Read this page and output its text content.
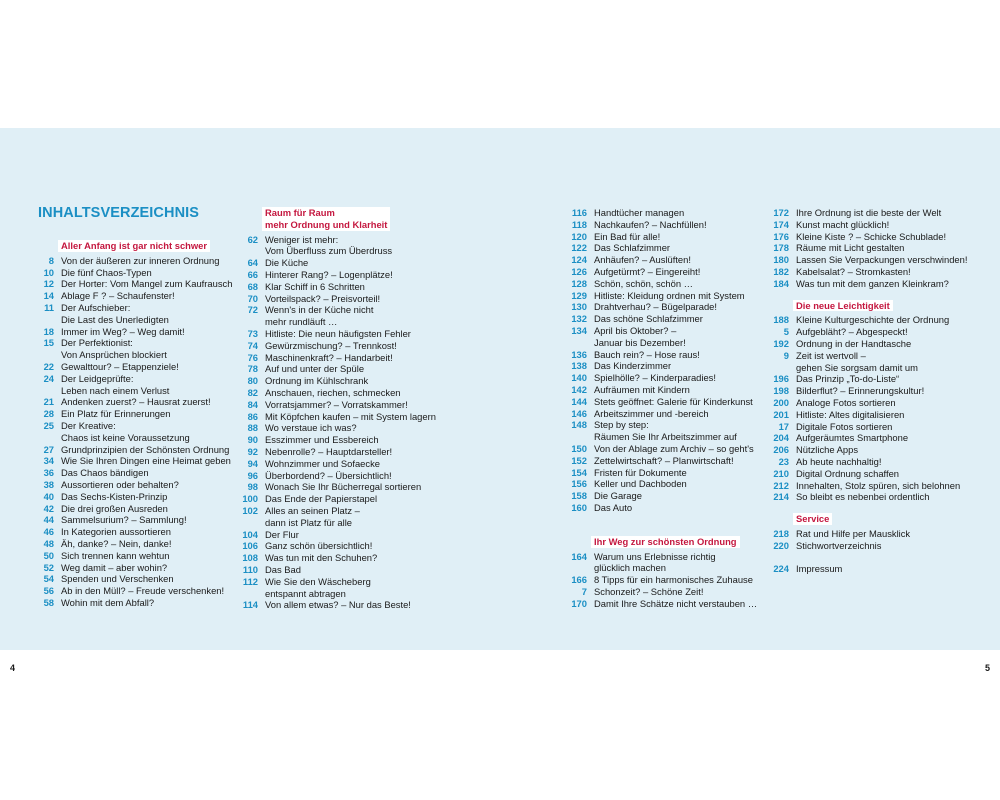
INHALTSVERZEICHNIS
Aller Anfang ist gar nicht schwer
8 Von der äußeren zur inneren Ordnung
10 Die fünf Chaos-Typen
12 Der Horter: Vom Mangel zum Kaufrausch
14 Ablage F ? – Schaufenster!
11 Der Aufschieber:
Die Last des Unerledigten
18 Immer im Weg? – Weg damit!
15 Der Perfektionist:
Von Ansprüchen blockiert
22 Gewalttour? – Etappenziele!
24 Der Leidgeprüfte:
Leben nach einem Verlust
21 Andenken zuerst? – Hausrat zuerst!
28 Ein Platz für Erinnerungen
25 Der Kreative:
Chaos ist keine Voraussetzung
27 Grundprinzipien der Schönsten Ordnung
34 Wie Sie Ihren Dingen eine Heimat geben
36 Das Chaos bändigen
38 Aussortieren oder behalten?
40 Das Sechs-Kisten-Prinzip
42 Die drei großen Ausreden
44 Sammelsurium? – Sammlung!
46 In Kategorien aussortieren
48 Äh, danke? – Nein, danke!
50 Sich trennen kann wehtun
52 Weg damit – aber wohin?
54 Spenden und Verschenken
56 Ab in den Müll? – Freude verschenken!
58 Wohin mit dem Abfall?
Raum für Raum
mehr Ordnung und Klarheit
62 Weniger ist mehr:
Vom Überfluss zum Überdruss
64 Die Küche
66 Hinterer Rang? – Logenplätze!
68 Klar Schiff in 6 Schritten
70 Vorteilspack? – Preisvorteil!
72 Wenn's in der Küche nicht
mehr rundläuft …
73 Hitliste: Die neun häufigsten Fehler
74 Gewürzmischung? – Trennkost!
76 Maschinenkraft? – Handarbeit!
78 Auf und unter der Spüle
80 Ordnung im Kühlschrank
82 Anschauen, riechen, schmecken
84 Vorratsjammer? – Vorratskammer!
86 Mit Köpfchen kaufen – mit System lagern
88 Wo verstaue ich was?
90 Esszimmer und Essbereich
92 Nebenrolle? – Hauptdarsteller!
94 Wohnzimmer und Sofaecke
96 Überbordend? – Übersichtlich!
98 Wonach Sie Ihr Bücherregal sortieren
100 Das Ende der Papierstapel
102 Alles an seinen Platz –
dann ist Platz für alle
104 Der Flur
106 Ganz schön übersichtlich!
108 Was tun mit den Schuhen?
110 Das Bad
112 Wie Sie den Wäscheberg
entspannt abtragen
114 Von allem etwas? – Nur das Beste!
116 Handtücher managen
118 Nachkaufen? – Nachfüllen!
120 Ein Bad für alle!
122 Das Schlafzimmer
124 Anhäufen? – Auslüften!
126 Aufgetürmt? – Eingereiht!
128 Schön, schön, schön …
129 Hitliste: Kleidung ordnen mit System
130 Drahtverhau? – Bügelparade!
132 Das schöne Schlafzimmer
134 April bis Oktober? –
Januar bis Dezember!
136 Bauch rein? – Hose raus!
138 Das Kinderzimmer
140 Spielhölle? – Kinderparadies!
142 Aufräumen mit Kindern
144 Stets geöffnet: Galerie für Kinderkunst
146 Arbeitszimmer und -bereich
148 Step by step:
Räumen Sie Ihr Arbeitszimmer auf
150 Von der Ablage zum Archiv – so geht's
152 Zettelwirtschaft? – Planwirtschaft!
154 Fristen für Dokumente
156 Keller und Dachboden
158 Die Garage
160 Das Auto
Ihr Weg zur schönsten Ordnung
164 Warum uns Erlebnisse richtig
glücklich machen
166 8 Tipps für ein harmonisches Zuhause
7 Schonzeit? – Schöne Zeit!
170 Damit Ihre Schätze nicht verstauben …
172 Ihre Ordnung ist die beste der Welt
174 Kunst macht glücklich!
176 Kleine Kiste ? – Schicke Schublade!
178 Räume mit Licht gestalten
180 Lassen Sie Verpackungen verschwinden!
182 Kabelsalat? – Stromkasten!
184 Was tun mit dem ganzen Kleinkram?
Die neue Leichtigkeit
188 Kleine Kulturgeschichte der Ordnung
5 Aufgebläht? – Abgespeckt!
192 Ordnung in der Handtasche
9 Zeit ist wertvoll –
gehen Sie sorgsam damit um
196 Das Prinzip „To-do-Liste“
198 Bilderflut? – Erinnerungskultur!
200 Analoge Fotos sortieren
201 Hitliste: Altes digitalisieren
17 Digitale Fotos sortieren
204 Aufgeräumtes Smartphone
206 Nützliche Apps
23 Ab heute nachhaltig!
210 Digital Ordnung schaffen
212 Innehalten, Stolz spüren, sich belohnen
214 So bleibt es nebenbei ordentlich
Service
218 Rat und Hilfe per Mausklick
220 Stichwortverzeichnis
224 Impressum
4	5
